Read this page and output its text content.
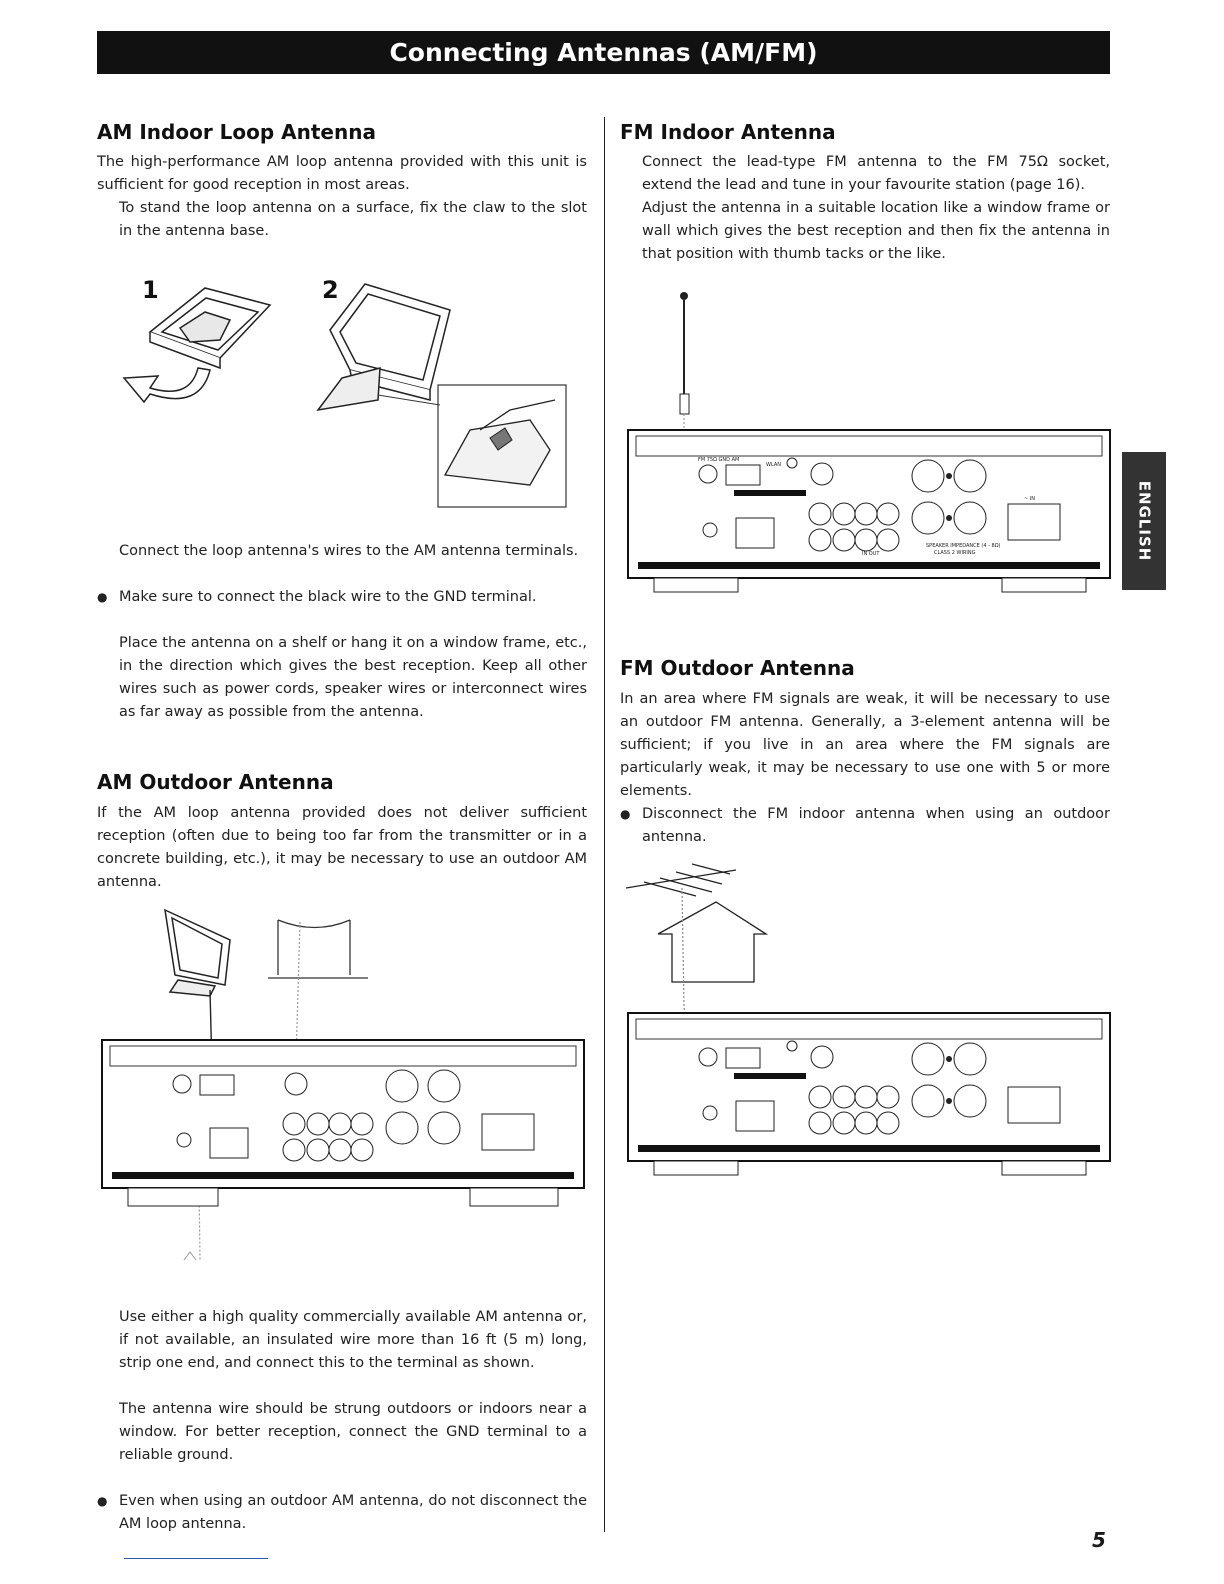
Connecting Antennas (AM/FM)
ENGLISH
AM Indoor Loop Antenna

The high-performance AM loop antenna provided with this unit is sufficient for good reception in most areas.

To stand the loop antenna on a surface, fix the claw to the slot in the antenna base.

1	2

Connect the loop antenna's wires to the AM antenna terminals.

● Make sure to connect the black wire to the GND terminal.

Place the antenna on a shelf or hang it on a window frame, etc., in the direction which gives the best reception. Keep all other wires such as power cords, speaker wires or interconnect wires as far away as possible from the antenna.

AM Outdoor Antenna

If the AM loop antenna provided does not deliver sufficient reception (often due to being too far from the transmitter or in a concrete building, etc.), it may be necessary to use an outdoor AM antenna.

Use either a high quality commercially available AM antenna or, if not available, an insulated wire more than 16 ft (5 m) long, strip one end, and connect this to the terminal as shown.

The antenna wire should be strung outdoors or indoors near a window. For better reception, connect the GND terminal to a reliable ground.

● Even when using an outdoor AM antenna, do not disconnect the AM loop antenna.

FM Indoor Antenna

Connect the lead-type FM antenna to the FM 75Ω socket, extend the lead and tune in your favourite station (page 16).

Adjust the antenna in a suitable location like a window frame or wall which gives the best reception and then fix the antenna in that position with thumb tacks or the like.

FM 75Ω GND AM
WLAN
SPEAKER IMPEDANCE (4 - 8Ω)
CLASS 2 WIRING
IN OUT
~ IN
FM Outdoor Antenna

In an area where FM signals are weak, it will be necessary to use an outdoor FM antenna. Generally, a 3-element antenna will be sufficient; if you live in an area where the FM signals are particularly weak, it may be necessary to use one with 5 or more elements.

● Disconnect the FM indoor antenna when using an outdoor antenna.

5
